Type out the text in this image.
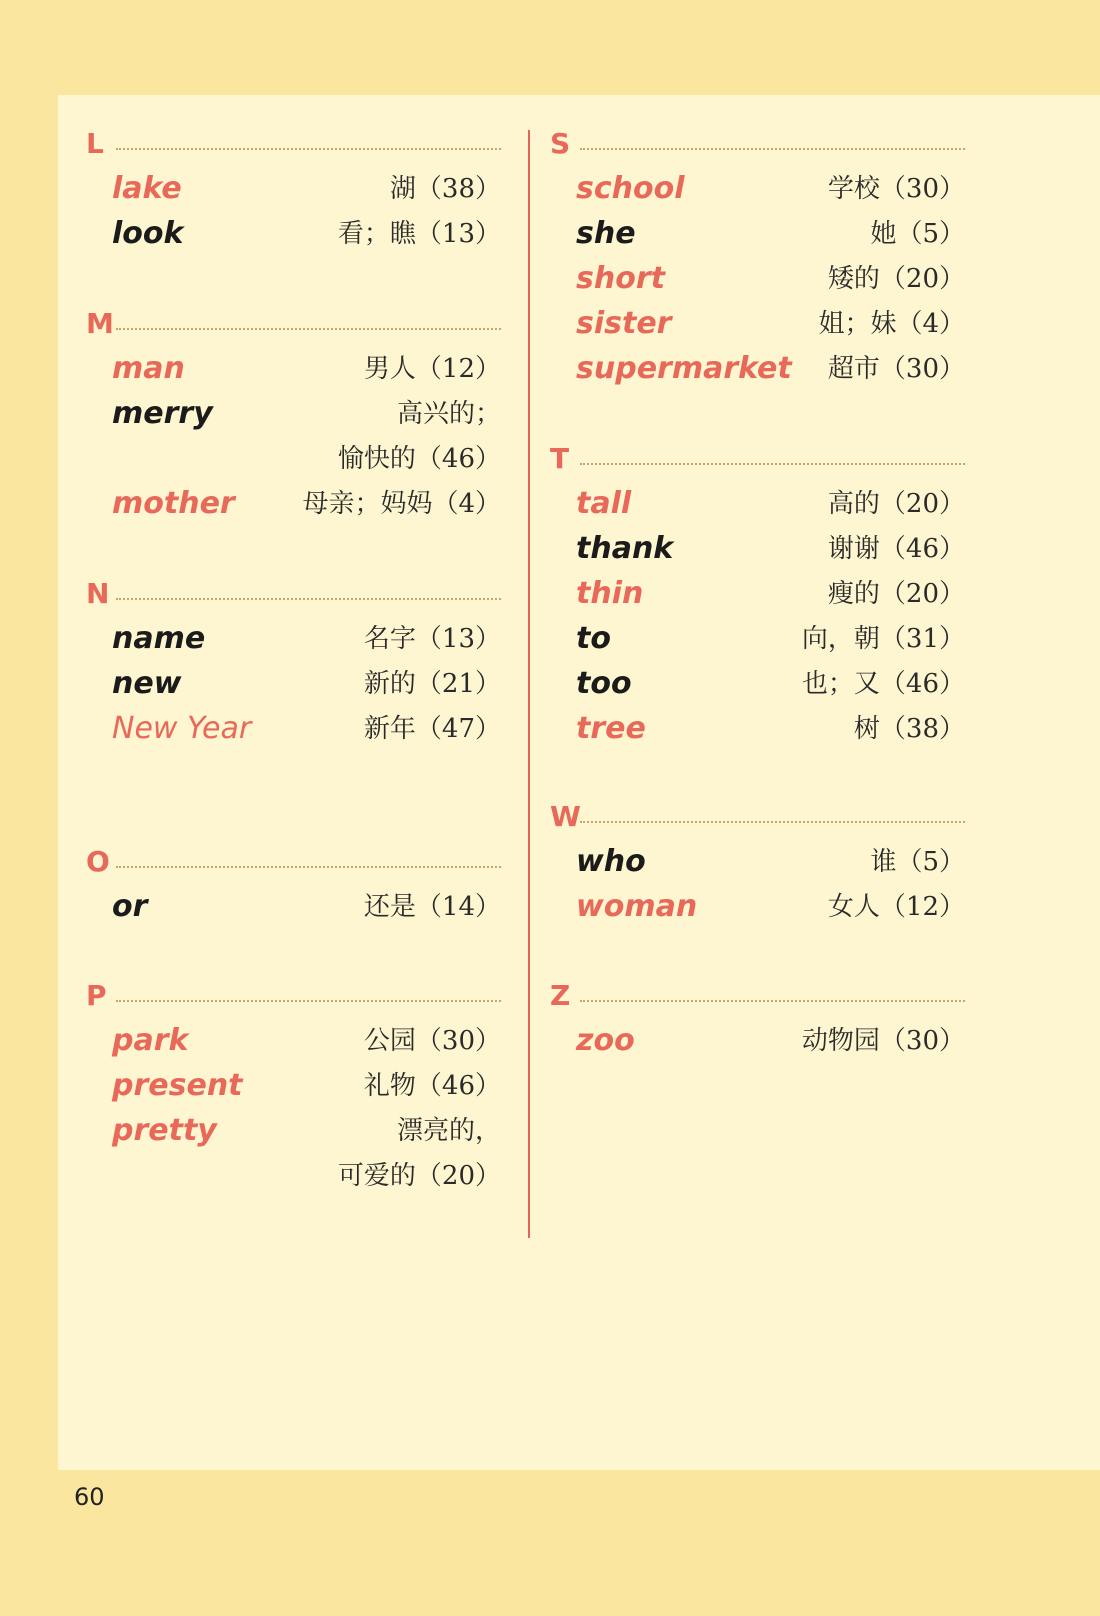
L
lake	湖（38）
look	看；瞧（13）
M
man	男人（12）
merry	高兴的；
愉快的（46）
mother	母亲；妈妈（4）
N
name	名字（13）
new	新的（21）
New Year	新年（47）
O
or	还是（14）
P
park	公园（30）
present	礼物（46）
pretty	漂亮的，
可爱的（20）
S
school	学校（30）
she	她（5）
short	矮的（20）
sister	姐；妹（4）
supermarket 超市（30）
T
tall	高的（20）
thank	谢谢（46）
thin	瘦的（20）
to	向，朝（31）
too	也；又（46）
tree	树（38）
W
who	谁（5）
woman	女人（12）
Z
zoo	动物园（30）
60
